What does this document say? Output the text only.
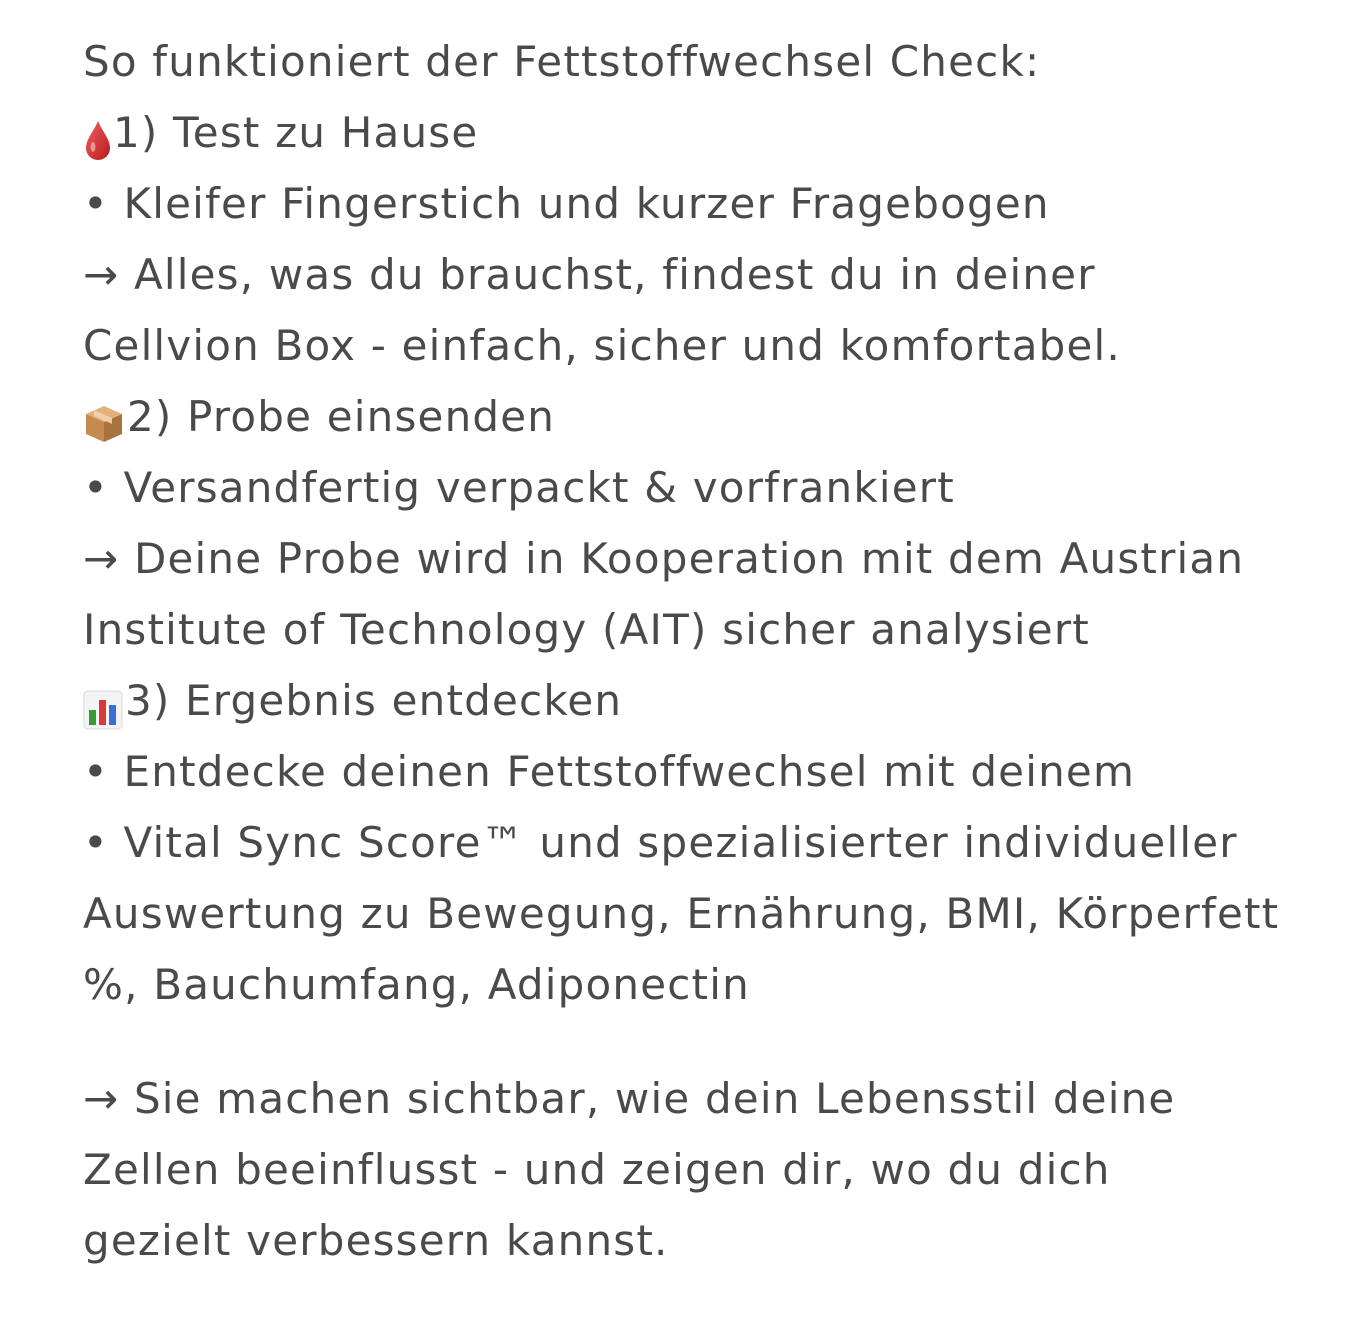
So funktioniert der Fettstoffwechsel Check:
1) Test zu Hause
• Kleifer Fingerstich und kurzer Fragebogen
→ Alles, was du brauchst, findest du in deiner
Cellvion Box - einfach, sicher und komfortabel.
2) Probe einsenden
• Versandfertig verpackt & vorfrankiert
→ Deine Probe wird in Kooperation mit dem Austrian
Institute of Technology (AIT) sicher analysiert
3) Ergebnis entdecken
• Entdecke deinen Fettstoffwechsel mit deinem
• Vital Sync Score™ und spezialisierter individueller
Auswertung zu Bewegung, Ernährung, BMI, Körperfett
%, Bauchumfang, Adiponectin
→ Sie machen sichtbar, wie dein Lebensstil deine
Zellen beeinflusst - und zeigen dir, wo du dich
gezielt verbessern kannst.
